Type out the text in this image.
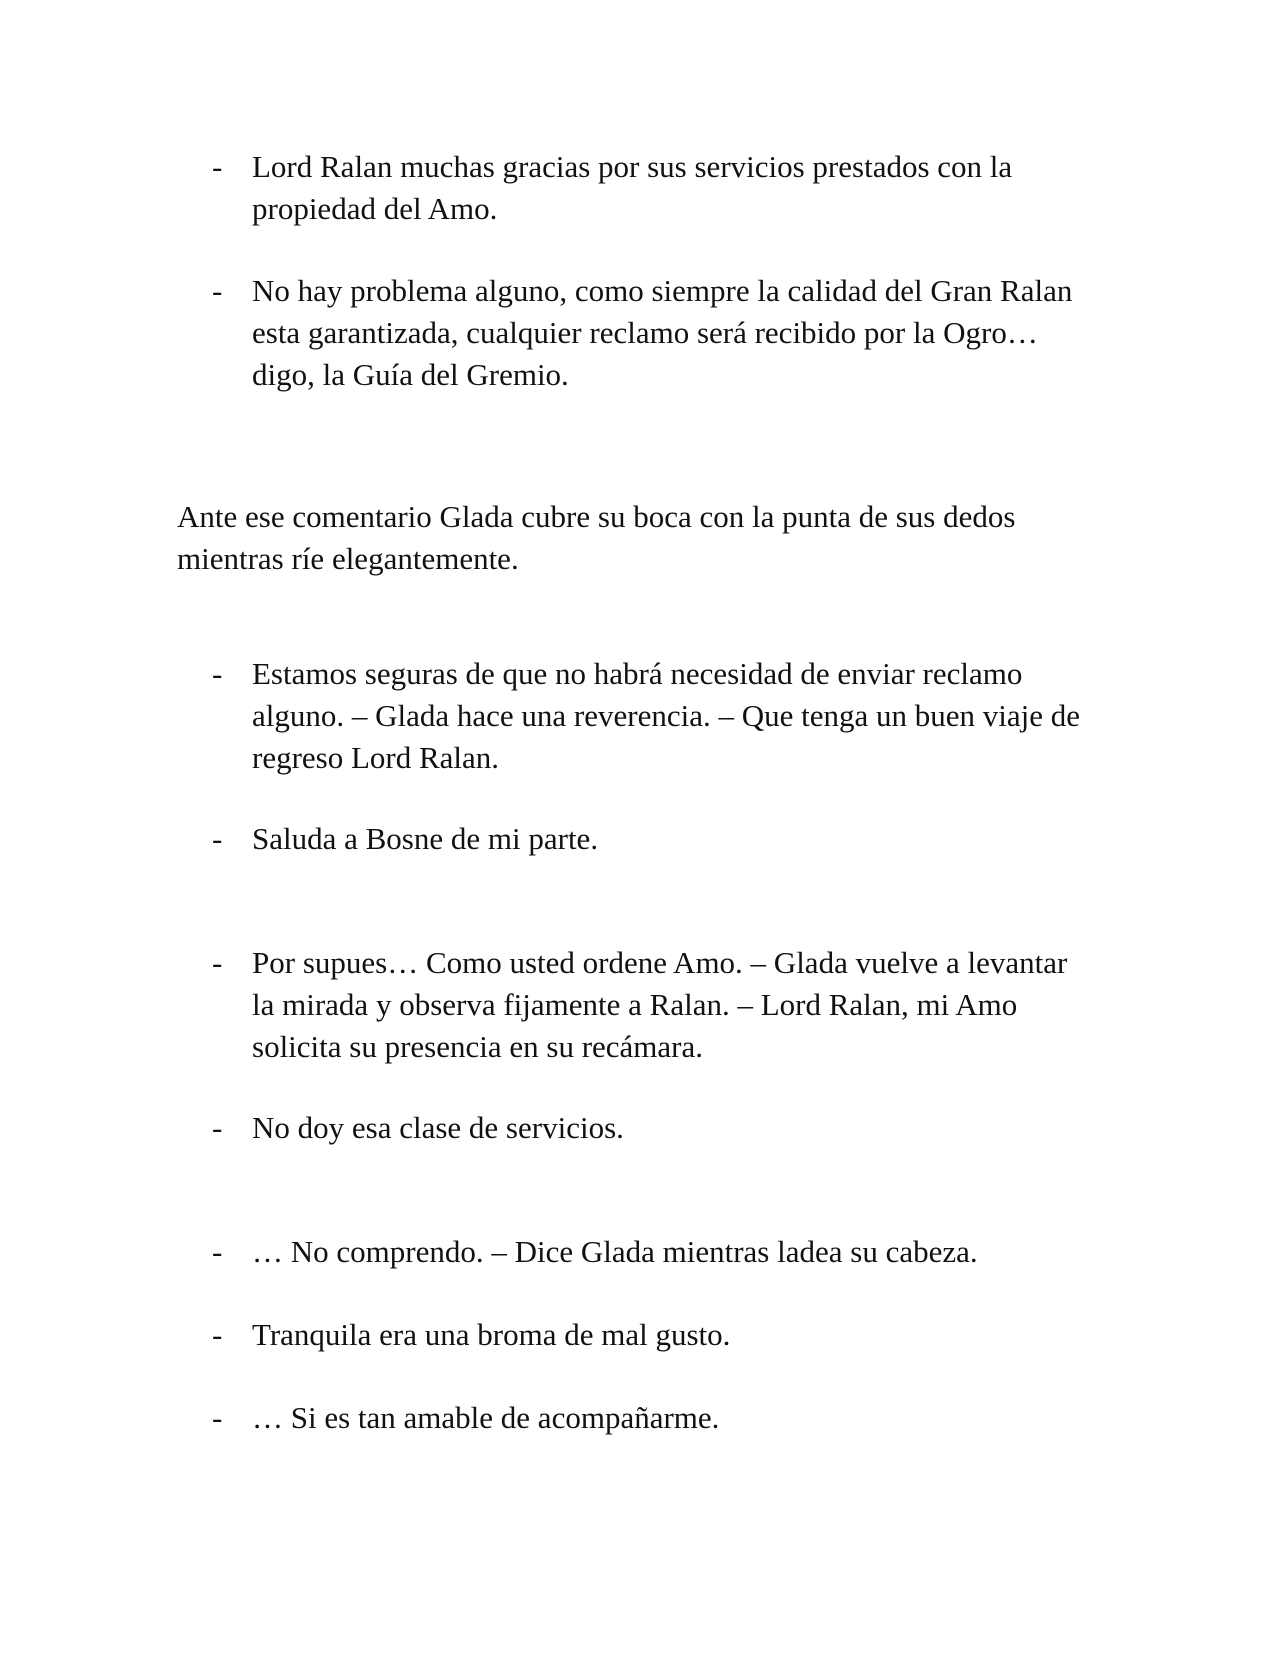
- Lord Ralan muchas gracias por sus servicios prestados con la propiedad del Amo.
- No hay problema alguno, como siempre la calidad del Gran Ralan esta garantizada, cualquier reclamo será recibido por la Ogro… digo, la Guía del Gremio.
Ante ese comentario Glada cubre su boca con la punta de sus dedos mientras ríe elegantemente.
- Estamos seguras de que no habrá necesidad de enviar reclamo alguno. – Glada hace una reverencia. – Que tenga un buen viaje de regreso Lord Ralan.
- Saluda a Bosne de mi parte.
- Por supues… Como usted ordene Amo. – Glada vuelve a levantar la mirada y observa fijamente a Ralan. – Lord Ralan, mi Amo solicita su presencia en su recámara.
- No doy esa clase de servicios.
- … No comprendo. – Dice Glada mientras ladea su cabeza.
- Tranquila era una broma de mal gusto.
- … Si es tan amable de acompañarme.
